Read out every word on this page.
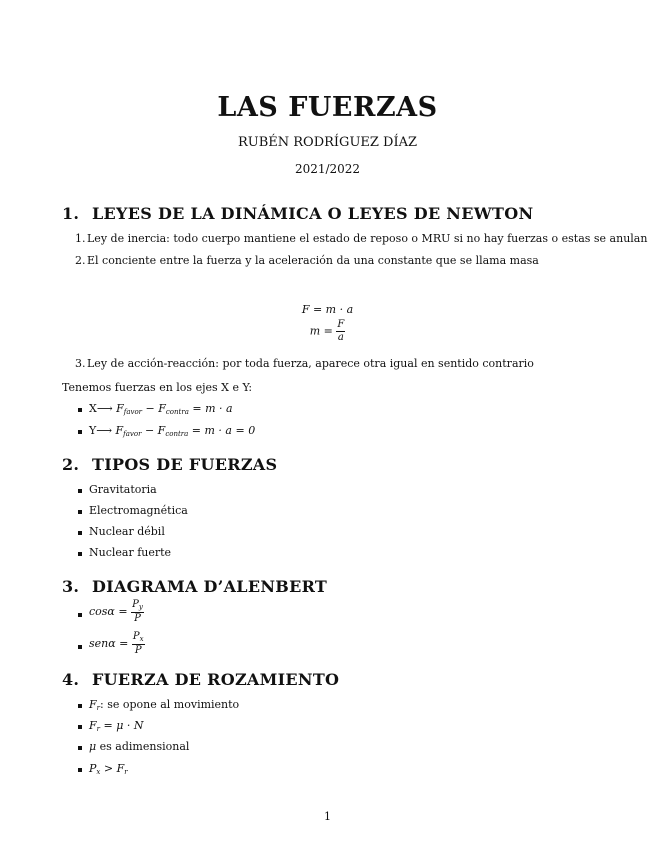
LAS FUERZAS
RUBÉN RODRÍGUEZ DÍAZ
2021/2022
1. LEYES DE LA DINÁMICA O LEYES DE NEWTON
1. Ley de inercia: todo cuerpo mantiene el estado de reposo o MRU si no hay fuerzas o estas se anulan
2. El conciente entre la fuerza y la aceleración da una constante que se llama masa
F = m · a
$m = \frac{F}{a}$
3. Ley de acción-reacción: por toda fuerza, aparece otra igual en sentido contrario
Tenemos fuerzas en los ejes X e Y:
X⟶ $F_{favor} - F_{contra} = m \cdot a$
Y⟶ $F_{favor} - F_{contra} = m \cdot a = 0$
2. TIPOS DE FUERZAS
Gravitatoria
Electromagnética
Nuclear débil
Nuclear fuerte
3. DIAGRAMA D’ALENBERT
$\cos\alpha = \frac{P_y}{P}$
$sen\alpha = \frac{P_x}{P}$
4. FUERZA DE ROZAMIENTO
$F_r$: se opone al movimiento
$F_r = \mu \cdot N$
μ es adimensional
$P_x > F_r$
1
